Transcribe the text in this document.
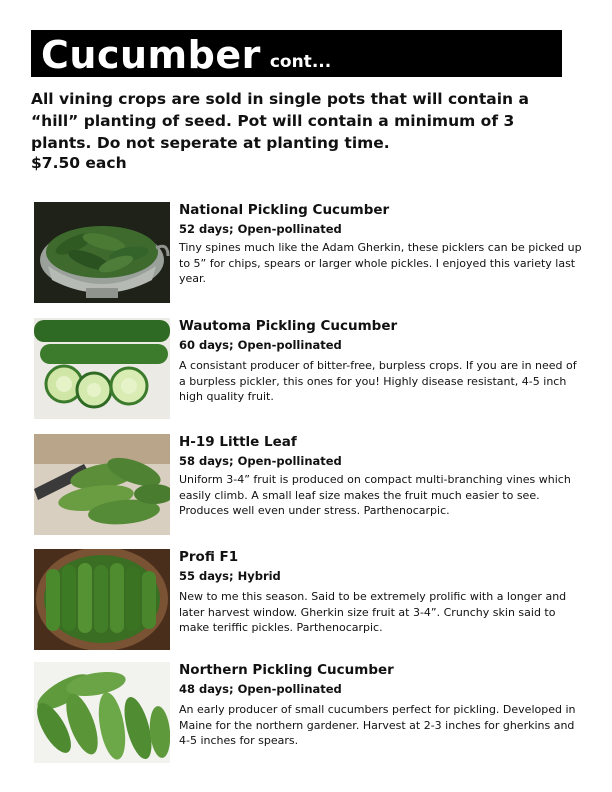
Cucumber cont...
All vining crops are sold in single pots that will contain a “hill” planting of seed. Pot will contain a minimum of 3 plants. Do not seperate at planting time.
$7.50 each
National Pickling Cucumber
52 days; Open-pollinated
Tiny spines much like the Adam Gherkin, these picklers can be picked up to 5” for chips, spears or larger whole pickles. I enjoyed this variety last year.
Wautoma Pickling Cucumber
60 days; Open-pollinated
A consistant producer of bitter-free, burpless crops. If you are in need of a burpless pickler, this ones for you! Highly disease resistant, 4-5 inch high quality fruit.
H-19 Little Leaf
58 days; Open-pollinated
Uniform 3-4” fruit is produced on compact multi-branching vines which easily climb. A small leaf size makes the fruit much easier to see. Produces well even under stress. Parthenocarpic.
Profi F1
55 days; Hybrid
New to me this season. Said to be extremely prolific with a longer and later harvest window. Gherkin size fruit at 3-4”. Crunchy skin said to make teriffic pickles. Parthenocarpic.
Northern Pickling Cucumber
48 days; Open-pollinated
An early producer of small cucumbers perfect for pickling. Developed in Maine for the northern gardener. Harvest at 2-3 inches for gherkins and 4-5 inches for spears.
